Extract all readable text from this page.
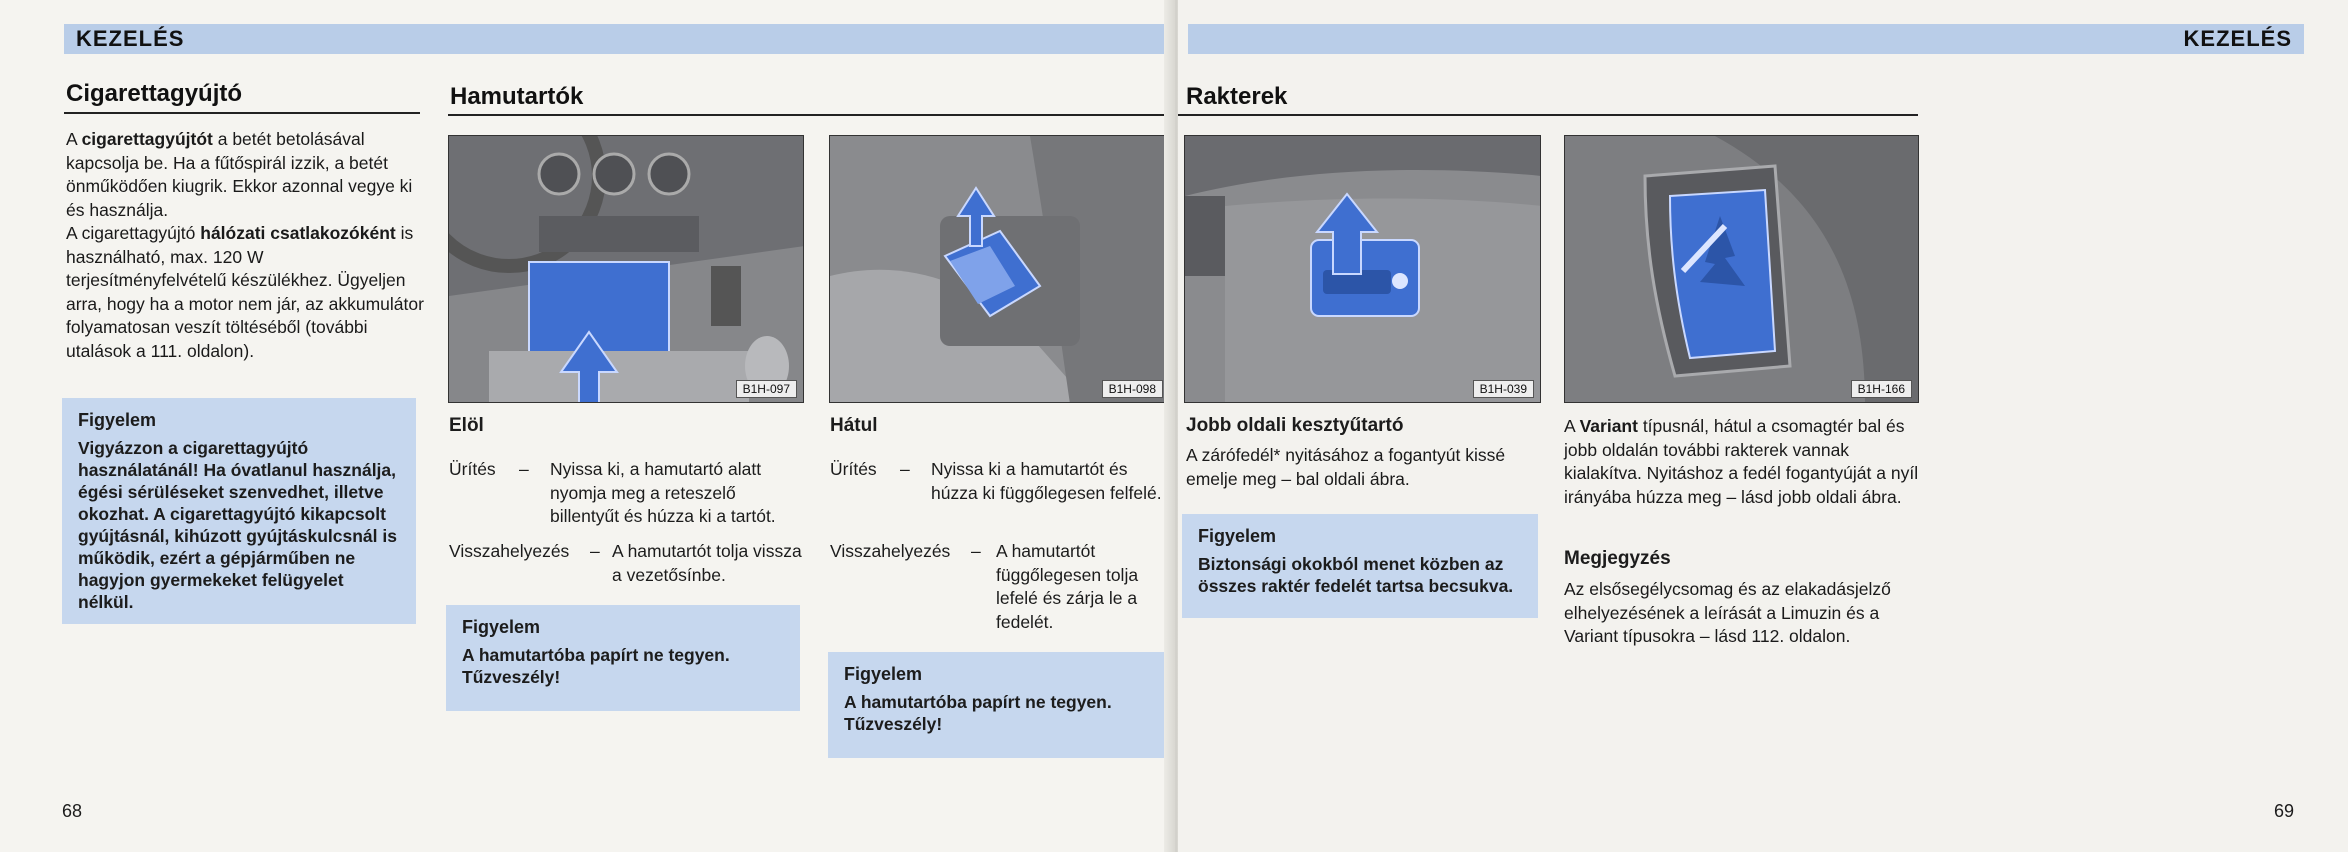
KEZELÉS
Cigarettagyújtó

A cigarettagyújtót a betét betolásával kapcsolja be. Ha a fűtőspirál izzik, a betét önműködően kiugrik. Ekkor azonnal vegye ki és használja.

A cigarettagyújtó hálózati csatlakozóként is használható, max. 120 W terjesítményfelvételű készülékhez. Ügyeljen arra, hogy ha a motor nem jár, az akkumulátor folyamatosan veszít töltéséből (további utalások a 111. oldalon).

Figyelem
Vigyázzon a cigarettagyújtó használatánál! Ha óvatlanul használja, égési sérüléseket szenvedhet, illetve okozhat. A cigarettagyújtó kikapcsolt gyújtásnál, kihúzott gyújtáskulcsnál is működik, ezért a gépjárműben ne hagyjon gyermekeket felügyelet nélkül.
Hamutartók
B1H-097	B1H-098
Elöl
Ürítés – Nyissa ki, a hamutartó alatt nyomja meg a reteszelő billentyűt és húzza ki a tartót.
Visszahelyezés – A hamutartót tolja vissza a vezetősínbe.
Figyelem
A hamutartóba papírt ne tegyen. Tűzveszély!
Hátul
Ürítés – Nyissa ki a hamutartót és húzza ki függőlegesen felfelé.
Visszahelyezés – A hamutartót függőlegesen tolja lefelé és zárja le a fedelét.
Figyelem
A hamutartóba papírt ne tegyen. Tűzveszély!
68
KEZELÉS
Rakterek
B1H-039	B1H-166
Jobb oldali kesztyűtartó
A zárófedél* nyitásához a fogantyút kissé emelje meg – bal oldali ábra.
Figyelem
Biztonsági okokból menet közben az összes raktér fedelét tartsa becsukva.

A Variant típusnál, hátul a csomagtér bal és jobb oldalán további rakterek vannak kialakítva. Nyitáshoz a fedél fogantyúját a nyíl irányába húzza meg – lásd jobb oldali ábra.

Megjegyzés
Az elsősegélycsomag és az elakadásjelző elhelyezésének a leírását a Limuzin és a Variant típusokra – lásd 112. oldalon.
69
